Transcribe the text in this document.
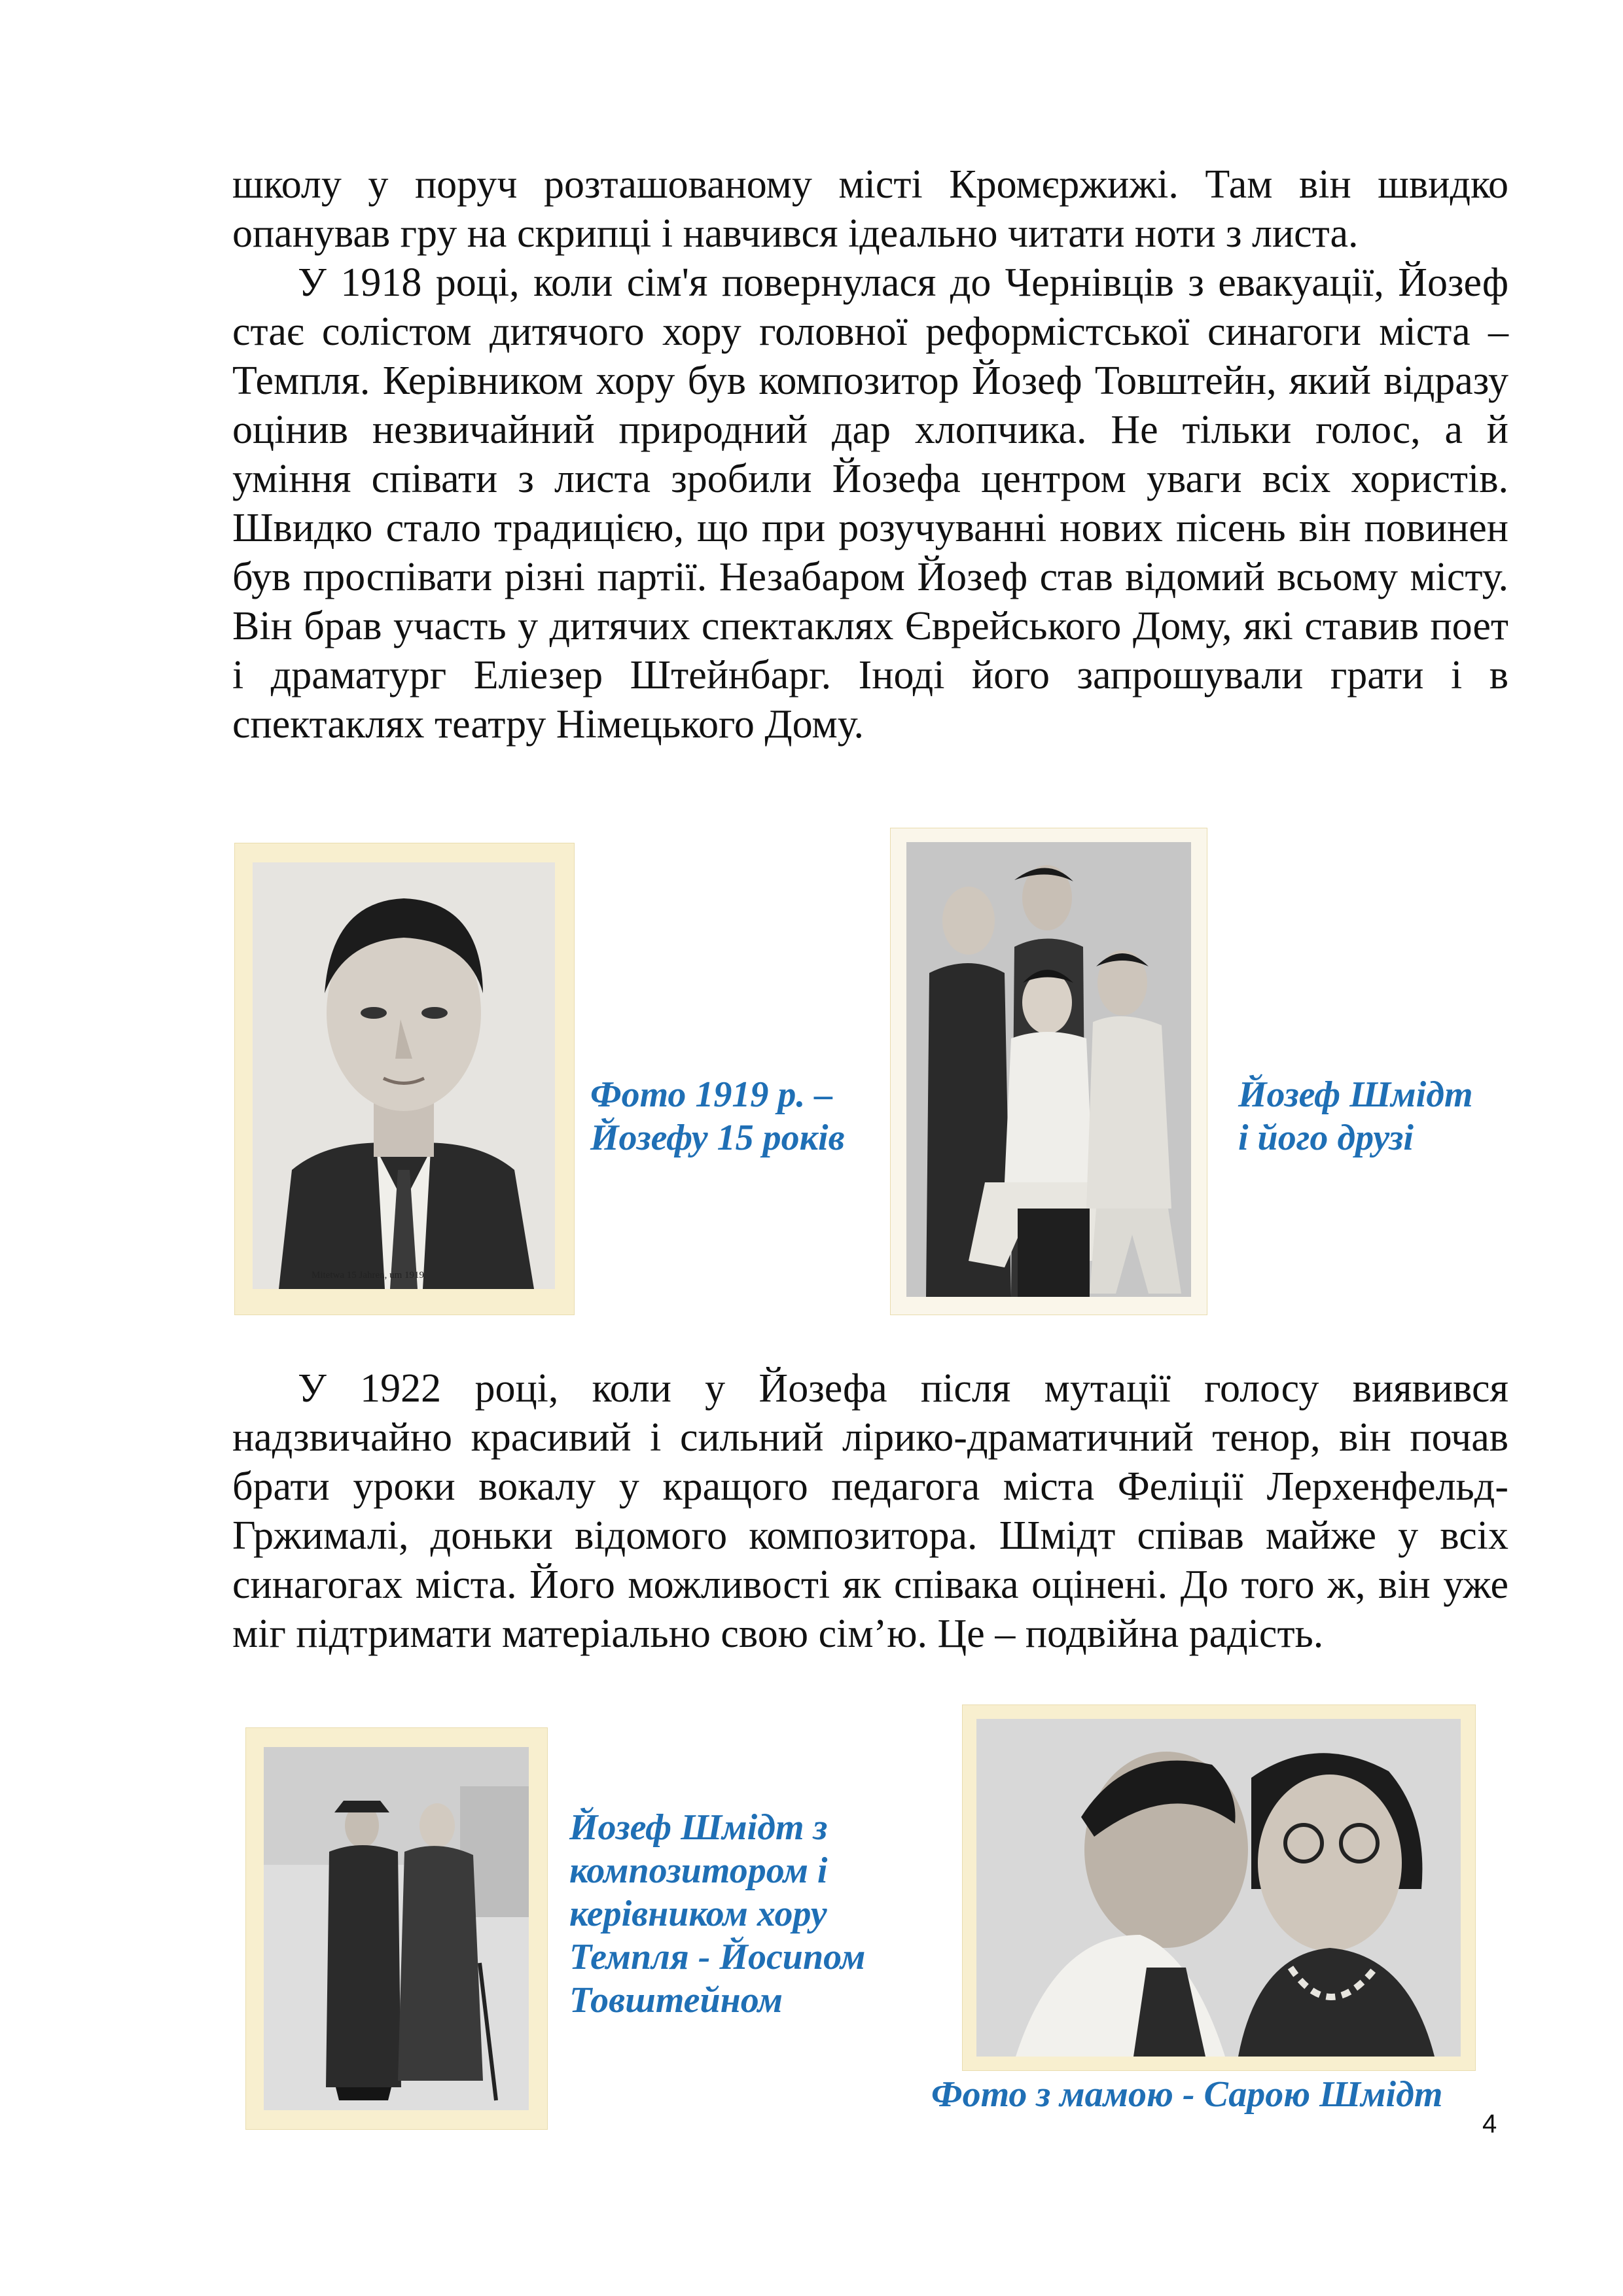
школу у поруч розташованому місті Кромєржижі. Там він швидко опанував гру на скрипці і навчився ідеально читати ноти з листа.

У 1918 році, коли сім'я повернулася до Чернівців з евакуації, Йозеф стає солістом дитячого хору головної реформістської синагоги міста – Темпля. Керівником хору був композитор Йозеф Товштейн, який відразу оцінив незвичайний природний дар хлопчика. Не тільки голос, а й уміння співати з листа зробили Йозефа центром уваги всіх хористів. Швидко стало традицією, що при розучуванні нових пісень він повинен був проспівати різні партії. Незабаром Йозеф став відомий всьому місту. Він брав участь у дитячих спектаклях Єврейського Дому, які ставив поет і драматург Еліезер Штейнбарг. Іноді його запрошували грати і в спектаклях театру Німецького Дому.

Mitetwa 15 Jahren, um 1919

Фото 1919 р. –
Йозефу 15 років

Йозеф Шмідт
і його друзі

У 1922 році, коли у Йозефа після мутації голосу виявився надзвичайно красивий і сильний лірико-драматичний тенор, він почав брати уроки вокалу у кращого педагога міста Феліції Лерхенфельд-Гржималі, доньки відомого композитора. Шмідт співав майже у всіх синагогах міста. Його можливості як співака оцінені. До того ж, він уже міг підтримати матеріально свою сім’ю. Це – подвійна радість.

Йозеф Шмідт з
композитором і
керівником хору
Темпля - Йосипом
Товштейном

Фото з мамою - Сарою Шмідт

4
